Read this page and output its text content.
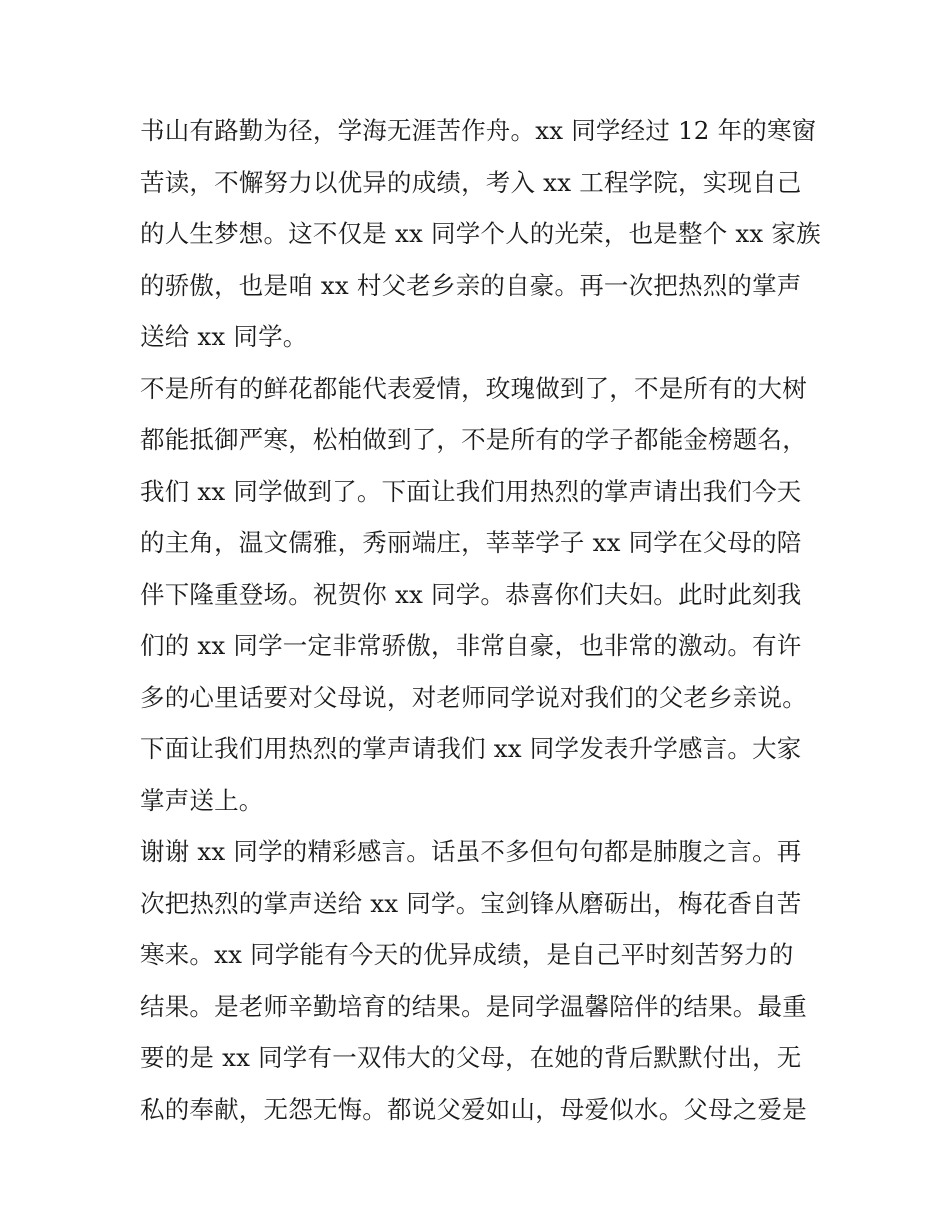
书山有路勤为径，学海无涯苦作舟。xx 同学经过 12 年的寒窗
苦读，不懈努力以优异的成绩，考入 xx 工程学院，实现自己
的人生梦想。这不仅是 xx 同学个人的光荣，也是整个 xx 家族
的骄傲，也是咱 xx 村父老乡亲的自豪。再一次把热烈的掌声
送给 xx 同学。
不是所有的鲜花都能代表爱情，玫瑰做到了，不是所有的大树
都能抵御严寒，松柏做到了，不是所有的学子都能金榜题名，
我们 xx 同学做到了。下面让我们用热烈的掌声请出我们今天
的主角，温文儒雅，秀丽端庄，莘莘学子 xx 同学在父母的陪
伴下隆重登场。祝贺你 xx 同学。恭喜你们夫妇。此时此刻我
们的 xx 同学一定非常骄傲，非常自豪，也非常的激动。有许
多的心里话要对父母说，对老师同学说对我们的父老乡亲说。
下面让我们用热烈的掌声请我们 xx 同学发表升学感言。大家
掌声送上。
谢谢 xx 同学的精彩感言。话虽不多但句句都是肺腹之言。再
次把热烈的掌声送给 xx 同学。宝剑锋从磨砺出，梅花香自苦
寒来。xx 同学能有今天的优异成绩，是自己平时刻苦努力的
结果。是老师辛勤培育的结果。是同学温馨陪伴的结果。最重
要的是 xx 同学有一双伟大的父母，在她的背后默默付出，无
私的奉献，无怨无悔。都说父爱如山，母爱似水。父母之爱是
